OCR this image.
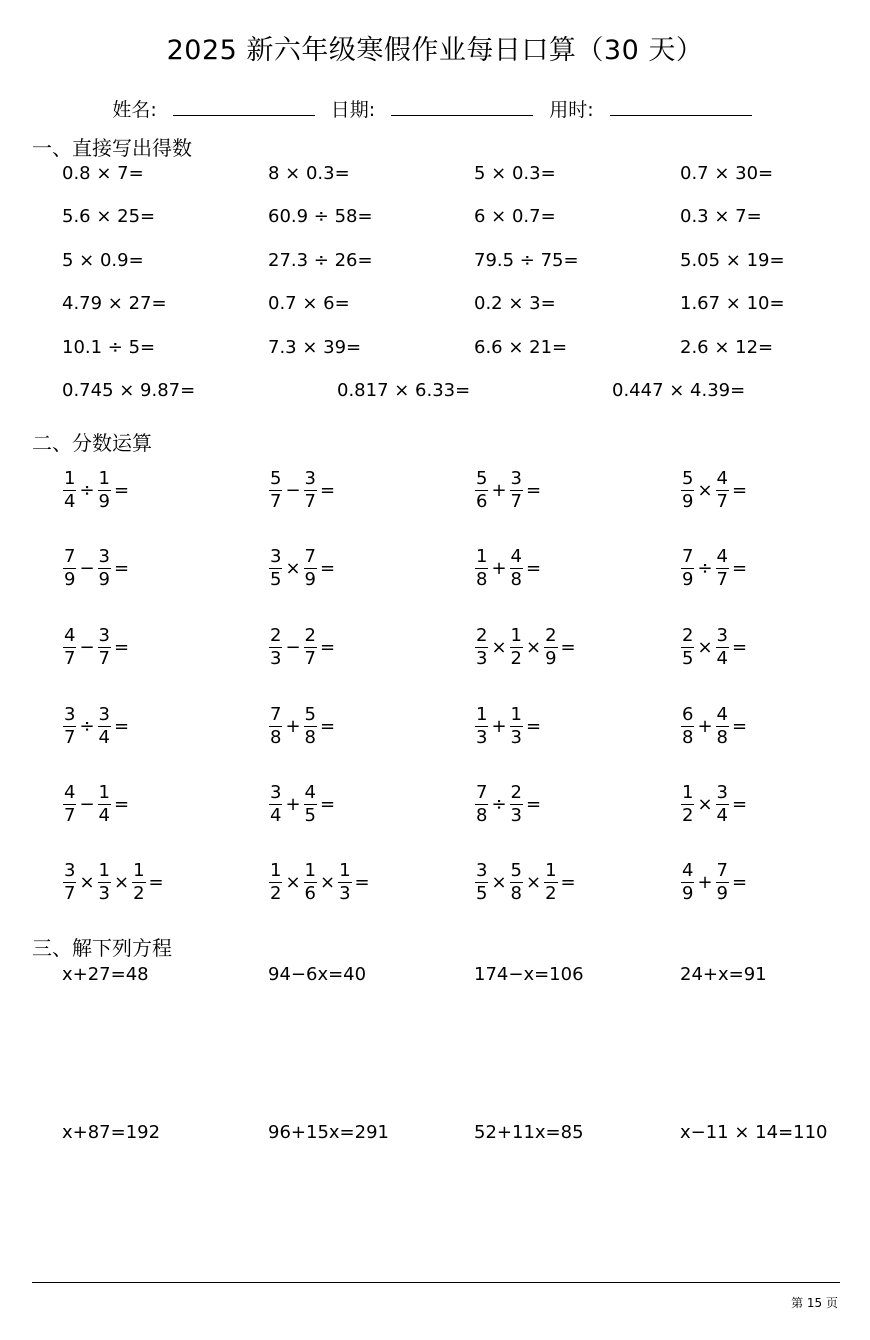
2025 新六年级寒假作业每日口算（30 天）
姓名:	日期:	用时:
一、直接写出得数
0.8 × 7=	8 × 0.3=	5 × 0.3=	0.7 × 30=
5.6 × 25=	60.9 ÷ 58=	6 × 0.7=	0.3 × 7=
5 × 0.9=	27.3 ÷ 26=	79.5 ÷ 75=	5.05 × 19=
4.79 × 27=	0.7 × 6=	0.2 × 3=	1.67 × 10=
10.1 ÷ 5=	7.3 × 39=	6.6 × 21=	2.6 × 12=
0.745 × 9.87=	0.817 × 6.33=	0.447 × 4.39=
二、分数运算
$\frac{1}{4} \div \frac{1}{9}$ =	$\frac{5}{7} - \frac{3}{7}$ =	$\frac{5}{6} + \frac{3}{7}$ =	$\frac{5}{9} \times \frac{4}{7}$ =
$\frac{7}{9} - \frac{3}{9}$ =	$\frac{3}{5} \times \frac{7}{9}$ =	$\frac{1}{8} + \frac{4}{8}$ =	$\frac{7}{9} \div \frac{4}{7}$ =
$\frac{4}{7} - \frac{3}{7}$ =	$\frac{2}{3} - \frac{2}{7}$ =	$\frac{2}{3} \times \frac{1}{2} \times \frac{2}{9}$ =	$\frac{2}{5} \times \frac{3}{4}$ =
$\frac{3}{7} \div \frac{3}{4}$ =	$\frac{7}{8} + \frac{5}{8}$ =	$\frac{1}{3} + \frac{1}{3}$ =	$\frac{6}{8} + \frac{4}{8}$ =
$\frac{4}{7} - \frac{1}{4}$ =	$\frac{3}{4} + \frac{4}{5}$ =	$\frac{7}{8} \div \frac{2}{3}$ =	$\frac{1}{2} \times \frac{3}{4}$ =
$\frac{3}{7} \times \frac{1}{3} \times \frac{1}{2}$ =	$\frac{1}{2} \times \frac{1}{6} \times \frac{1}{3}$ =	$\frac{3}{5} \times \frac{5}{8} \times \frac{1}{2}$ =	$\frac{4}{9} + \frac{7}{9}$ =
三、解下列方程
x+27=48	94−6x=40	174−x=106	24+x=91
x+87=192	96+15x=291	52+11x=85	x−11 × 14=110
第 15 页
